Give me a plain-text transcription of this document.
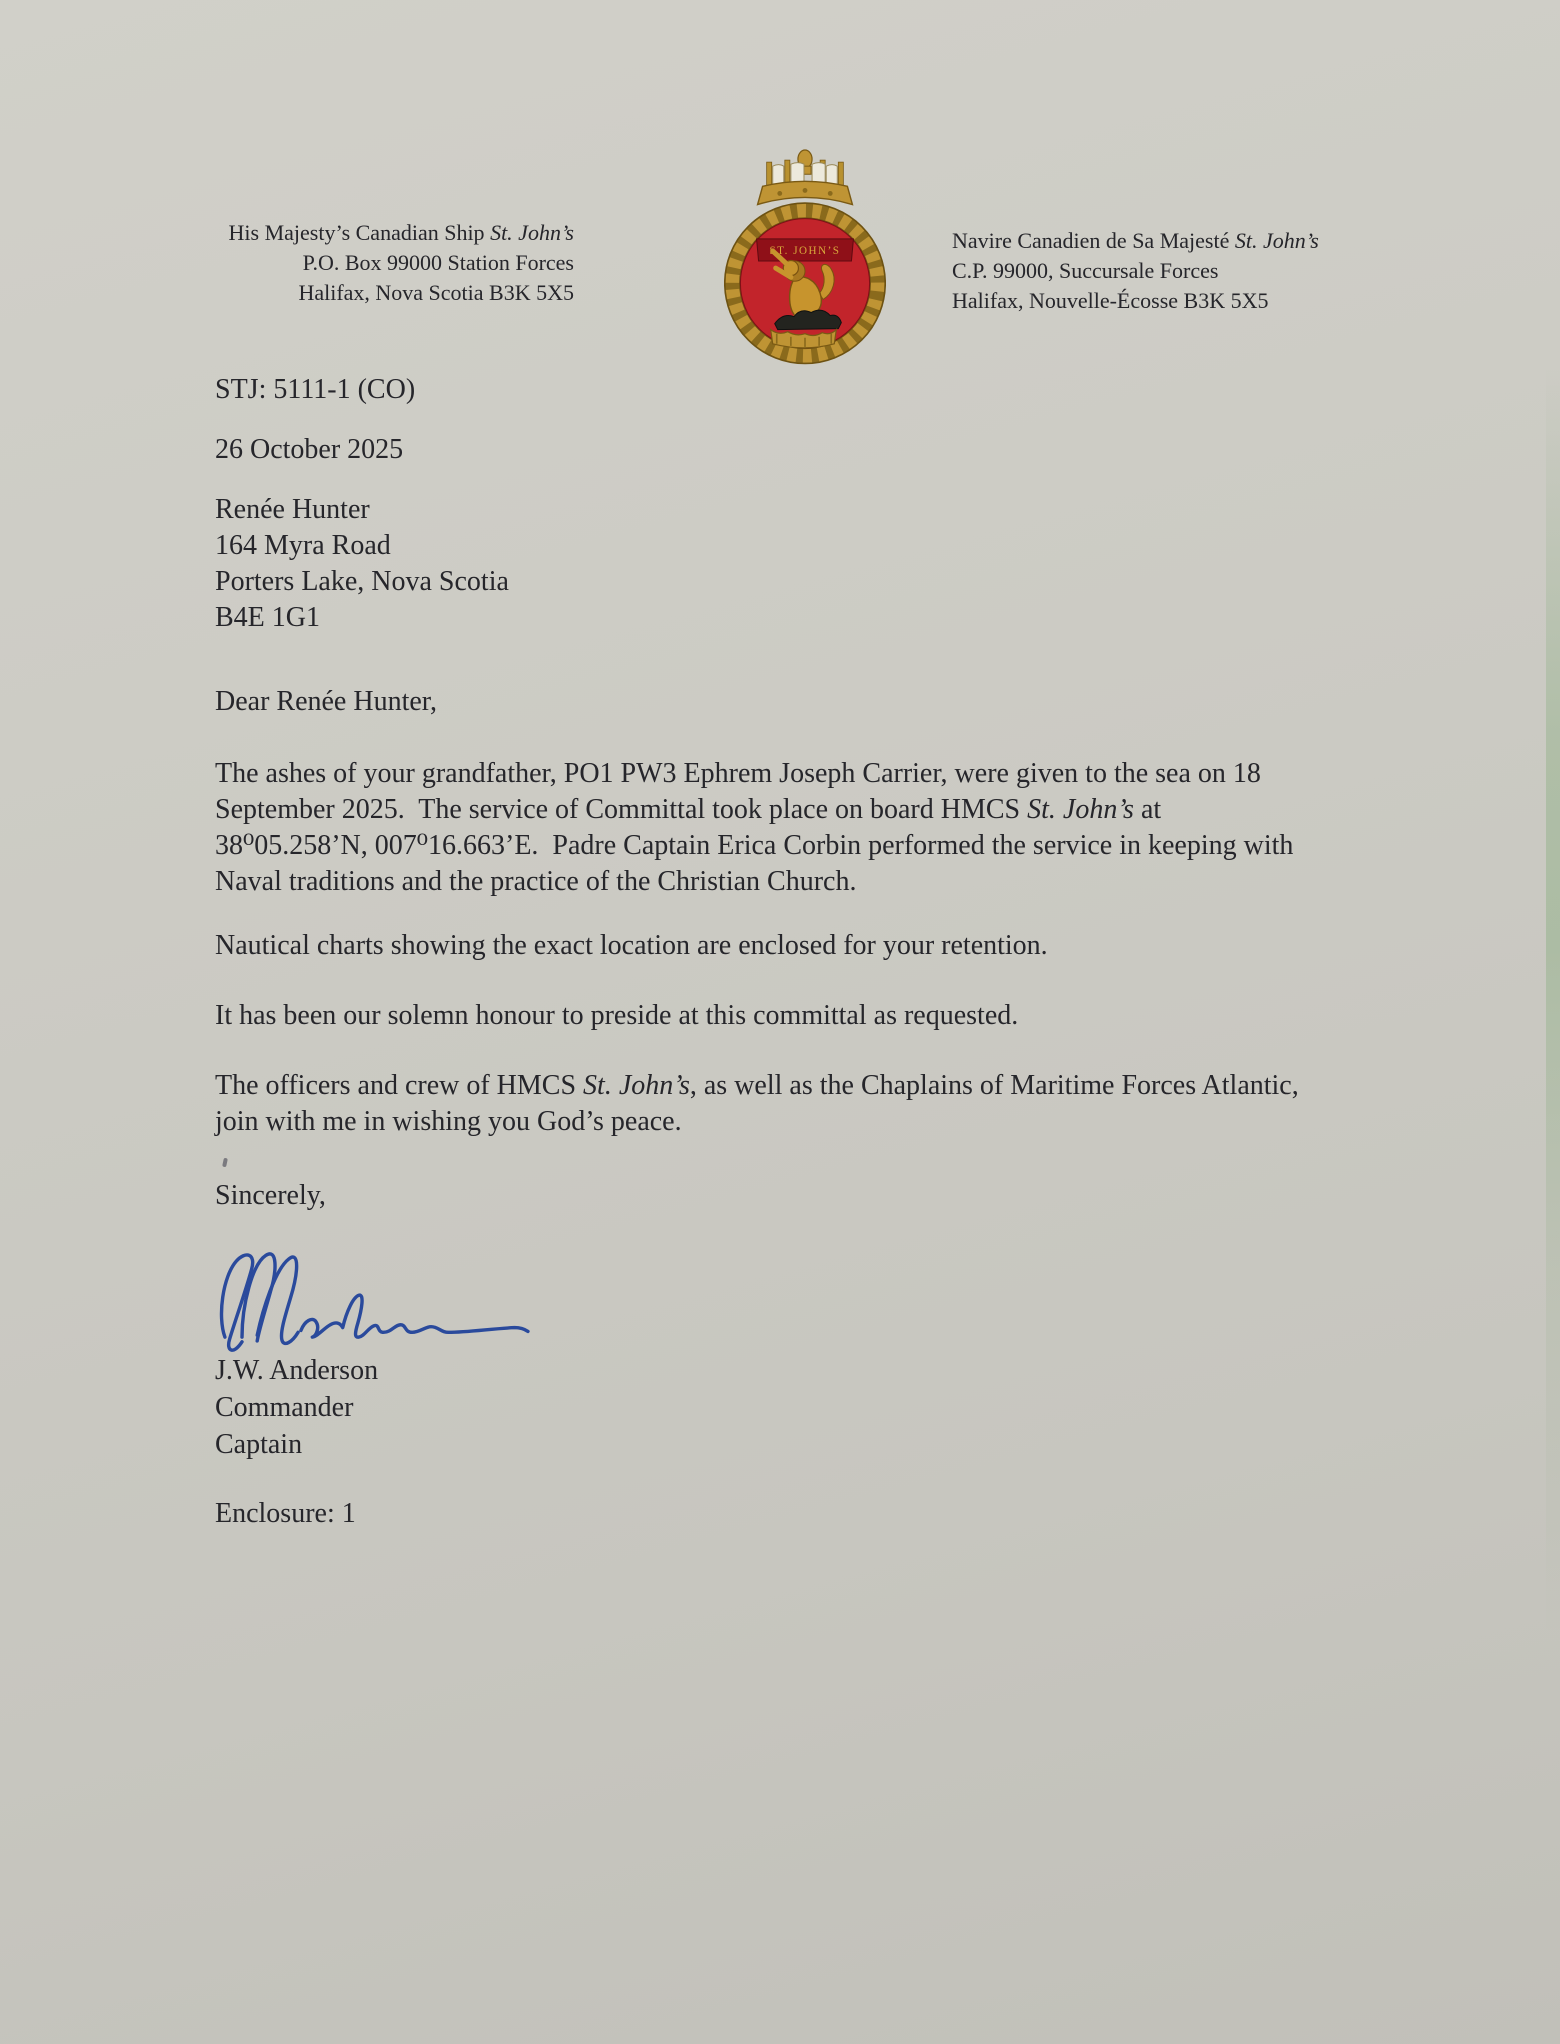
His Majesty’s Canadian Ship St. John’s
P.O. Box 99000 Station Forces
Halifax, Nova Scotia B3K 5X5
ST. JOHN’S	Navire Canadien de Sa Majesté St. John’s
C.P. 99000, Succursale Forces
Halifax, Nouvelle-Écosse B3K 5X5
STJ: 5111-1 (CO)
26 October 2025
Renée Hunter
164 Myra Road
Porters Lake, Nova Scotia
B4E 1G1
Dear Renée Hunter,
The ashes of your grandfather, PO1 PW3 Ephrem Joseph Carrier, were given to the sea on 18
September 2025.  The service of Committal took place on board HMCS St. John’s at
38⁰05.258’N, 007⁰16.663’E.  Padre Captain Erica Corbin performed the service in keeping with
Naval traditions and the practice of the Christian Church.
Nautical charts showing the exact location are enclosed for your retention.
It has been our solemn honour to preside at this committal as requested.
The officers and crew of HMCS St. John’s, as well as the Chaplains of Maritime Forces Atlantic,
join with me in wishing you God’s peace.
Sincerely,
J.W. Anderson
Commander
Captain
Enclosure: 1
